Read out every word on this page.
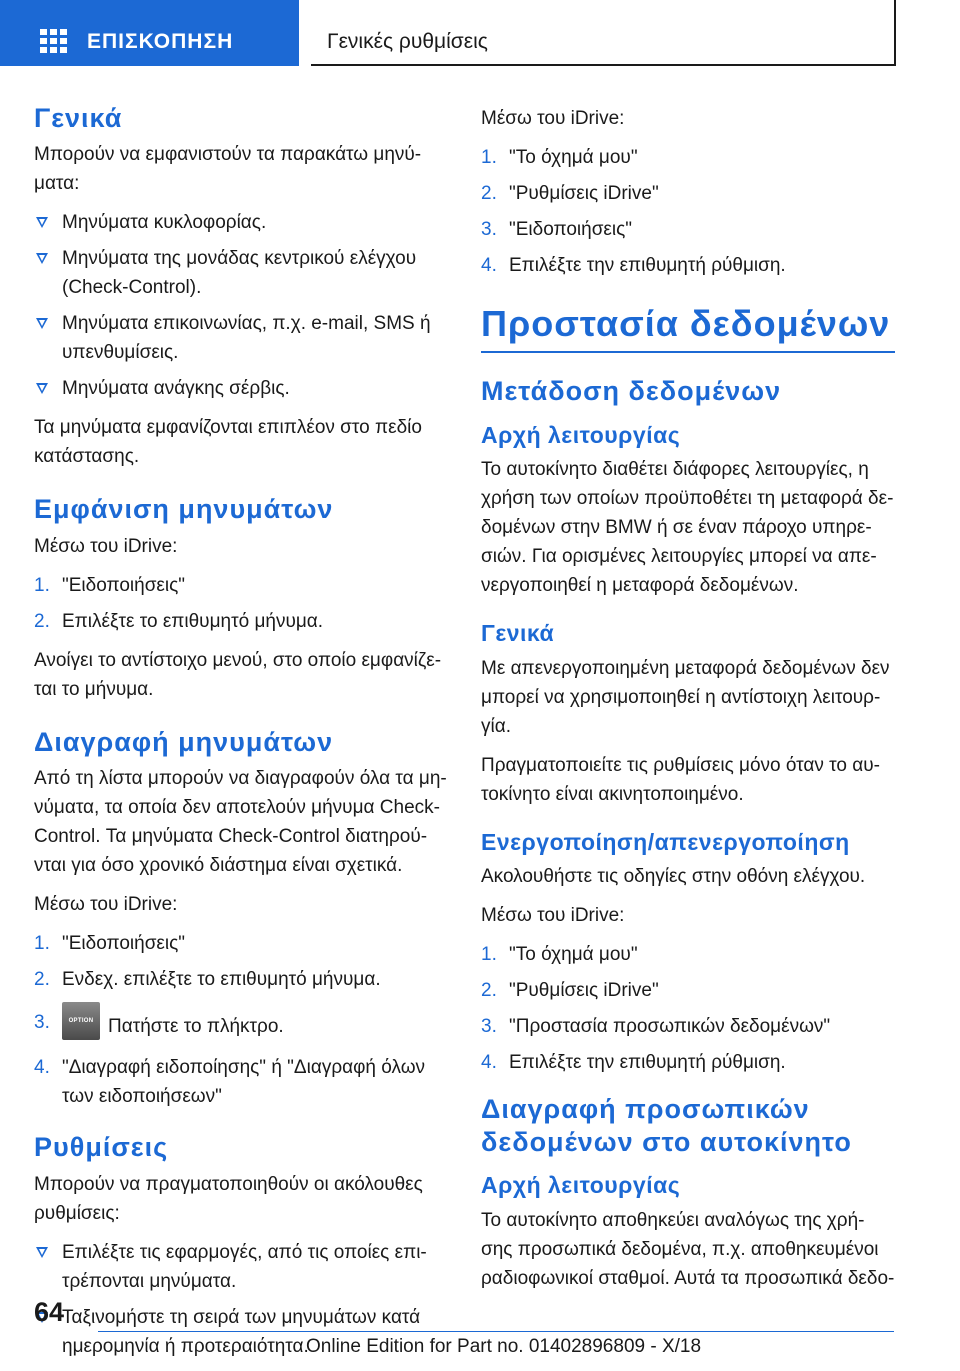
ΕΠΙΣΚΟΠΗΣΗ	Γενικές ρυθμίσεις
Γενικά

Μπορούν να εμφανιστούν τα παρακάτω μηνύ‐ ματα:

Μηνύματα κυκλοφορίας.
Μηνύματα της μονάδας κεντρικού ελέγχου (Check-Control).
Μηνύματα επικοινωνίας, π.χ. e-mail, SMS ή υπενθυμίσεις.
Μηνύματα ανάγκης σέρβις.

Τα μηνύματα εμφανίζονται επιπλέον στο πεδίο κατάστασης.

Εμφάνιση μηνυμάτων

Μέσω του iDrive:

1. "Ειδοποιήσεις"
2. Επιλέξτε το επιθυμητό μήνυμα.

Ανοίγει το αντίστοιχο μενού, στο οποίο εμφανίζε‐ ται το μήνυμα.

Διαγραφή μηνυμάτων

Από τη λίστα μπορούν να διαγραφούν όλα τα μη‐ νύματα, τα οποία δεν αποτελούν μήνυμα Check- Control. Τα μηνύματα Check-Control διατηρού‐ νται για όσο χρονικό διάστημα είναι σχετικά.

Μέσω του iDrive:

1. "Ειδοποιήσεις"
2. Ενδεχ. επιλέξτε το επιθυμητό μήνυμα.
3.	OPTION Πατήστε το πλήκτρο.
4. "Διαγραφή ειδοποίησης" ή "Διαγραφή όλων των ειδοποιήσεων"
Ρυθμίσεις

Μπορούν να πραγματοποιηθούν οι ακόλουθες ρυθμίσεις:

Επιλέξτε τις εφαρμογές, από τις οποίες επι‐ τρέπονται μηνύματα.
Ταξινομήστε τη σειρά των μηνυμάτων κατά ημερομηνία ή προτεραιότητα.

Μέσω του iDrive:

1. "Το όχημά μου"
2. "Ρυθμίσεις iDrive"
3. "Ειδοποιήσεις"
4. Επιλέξτε την επιθυμητή ρύθμιση.
Προστασία δεδομένων
Μετάδοση δεδομένων
Αρχή λειτουργίας

Το αυτοκίνητο διαθέτει διάφορες λειτουργίες, η χρήση των οποίων προϋποθέτει τη μεταφορά δε‐ δομένων στην BMW ή σε έναν πάροχο υπηρε‐ σιών. Για ορισμένες λειτουργίες μπορεί να απε‐ νεργοποιηθεί η μεταφορά δεδομένων.

Γενικά

Με απενεργοποιημένη μεταφορά δεδομένων δεν μπορεί να χρησιμοποιηθεί η αντίστοιχη λειτουρ‐ γία.

Πραγματοποιείτε τις ρυθμίσεις μόνο όταν το αυ‐ τοκίνητο είναι ακινητοποιημένο.

Ενεργοποίηση/απενεργοποίηση

Ακολουθήστε τις οδηγίες στην οθόνη ελέγχου.

Μέσω του iDrive:

1. "Το όχημά μου"
2. "Ρυθμίσεις iDrive"
3. "Προστασία προσωπικών δεδομένων"
4. Επιλέξτε την επιθυμητή ρύθμιση.
Διαγραφή προσωπικών δεδομένων στο αυτοκίνητο
Αρχή λειτουργίας

Το αυτοκίνητο αποθηκεύει αναλόγως της χρή‐ σης προσωπικά δεδομένα, π.χ. αποθηκευμένοι ραδιοφωνικοί σταθμοί. Αυτά τα προσωπικά δεδο‐

64
Online Edition for Part no. 01402896809 - X/18
